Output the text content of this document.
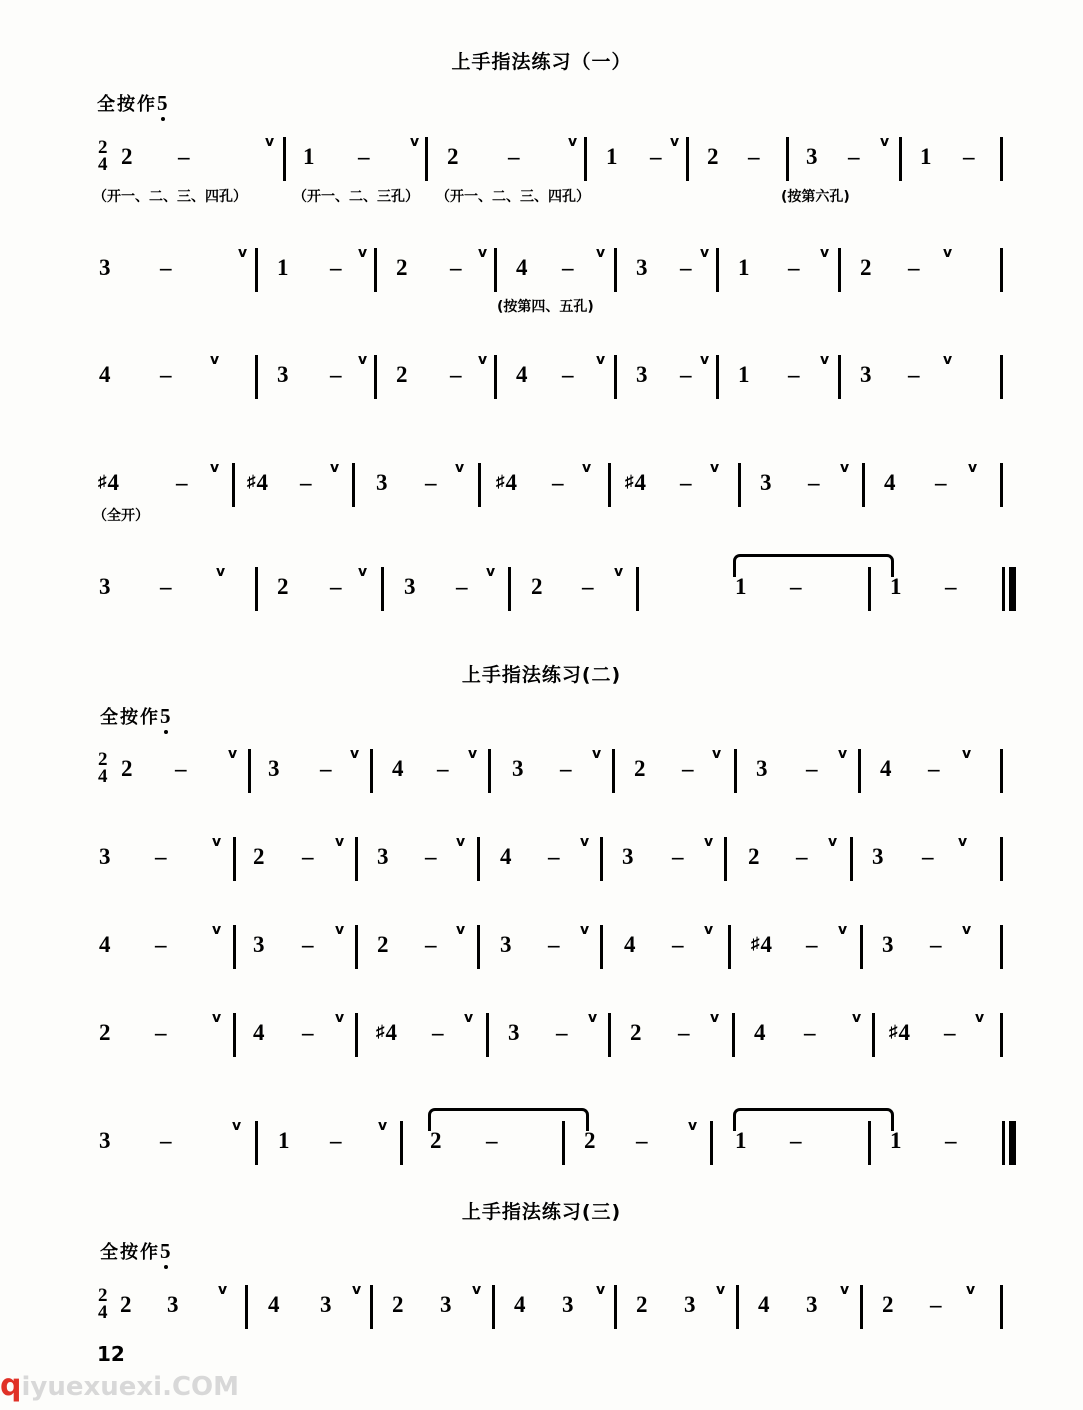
上手指法练习（一）
全按作5
2
4 2 –
v
1 –
v
2 –
v
1 –
v
2 – 3 –
v
1 –
（开一、二、三、四孔）	（开一、二、三孔） （开一、二、三、四孔）	(按第六孔)
3 –
v
1 –
v
2 –
v
4 –
v
3 –
v
1 –
v
2 –
v
(按第四、五孔)
4 –
v
3 –
v
2 –
v
4 –
v
3 –
v
1 –
v
3 –
v
♯ 4 –
v
♯ 4 –
v
3 –
v
♯ 4 –
v
♯ 4 –
v
3 –
v
4 –
v
（全开）
3 –
v
2 –
v
3 –
v
2 –
v
1 –	1 –
上手指法练习(二)
全按作5
2
4 2 –
v
3 –
v
4 –
v
3 –
v
2 –
v
3 –
v
4 –
v
3 –
v
2 –
v
3 –
v
4 –
v
3 –
v
2 –
v
3 –
v
4 –
v
3 –
v
2 –
v
3 –
v
4 –
v
♯ 4 –
v
3 –
v
2 –
v
4 –
v
♯ 4 –
v
3 –
v
2 –
v
4 –
v
♯ 4 –
v
3 –
v
1 –
v
2 –	2 –
v
1 –	1 –
上手指法练习(三)
全按作5
2
4 2 3
v
4 3
v
2 3
v
4 3
v
2 3
v
4 3
v
2 –
v
12
qiyuexuexi.COM
